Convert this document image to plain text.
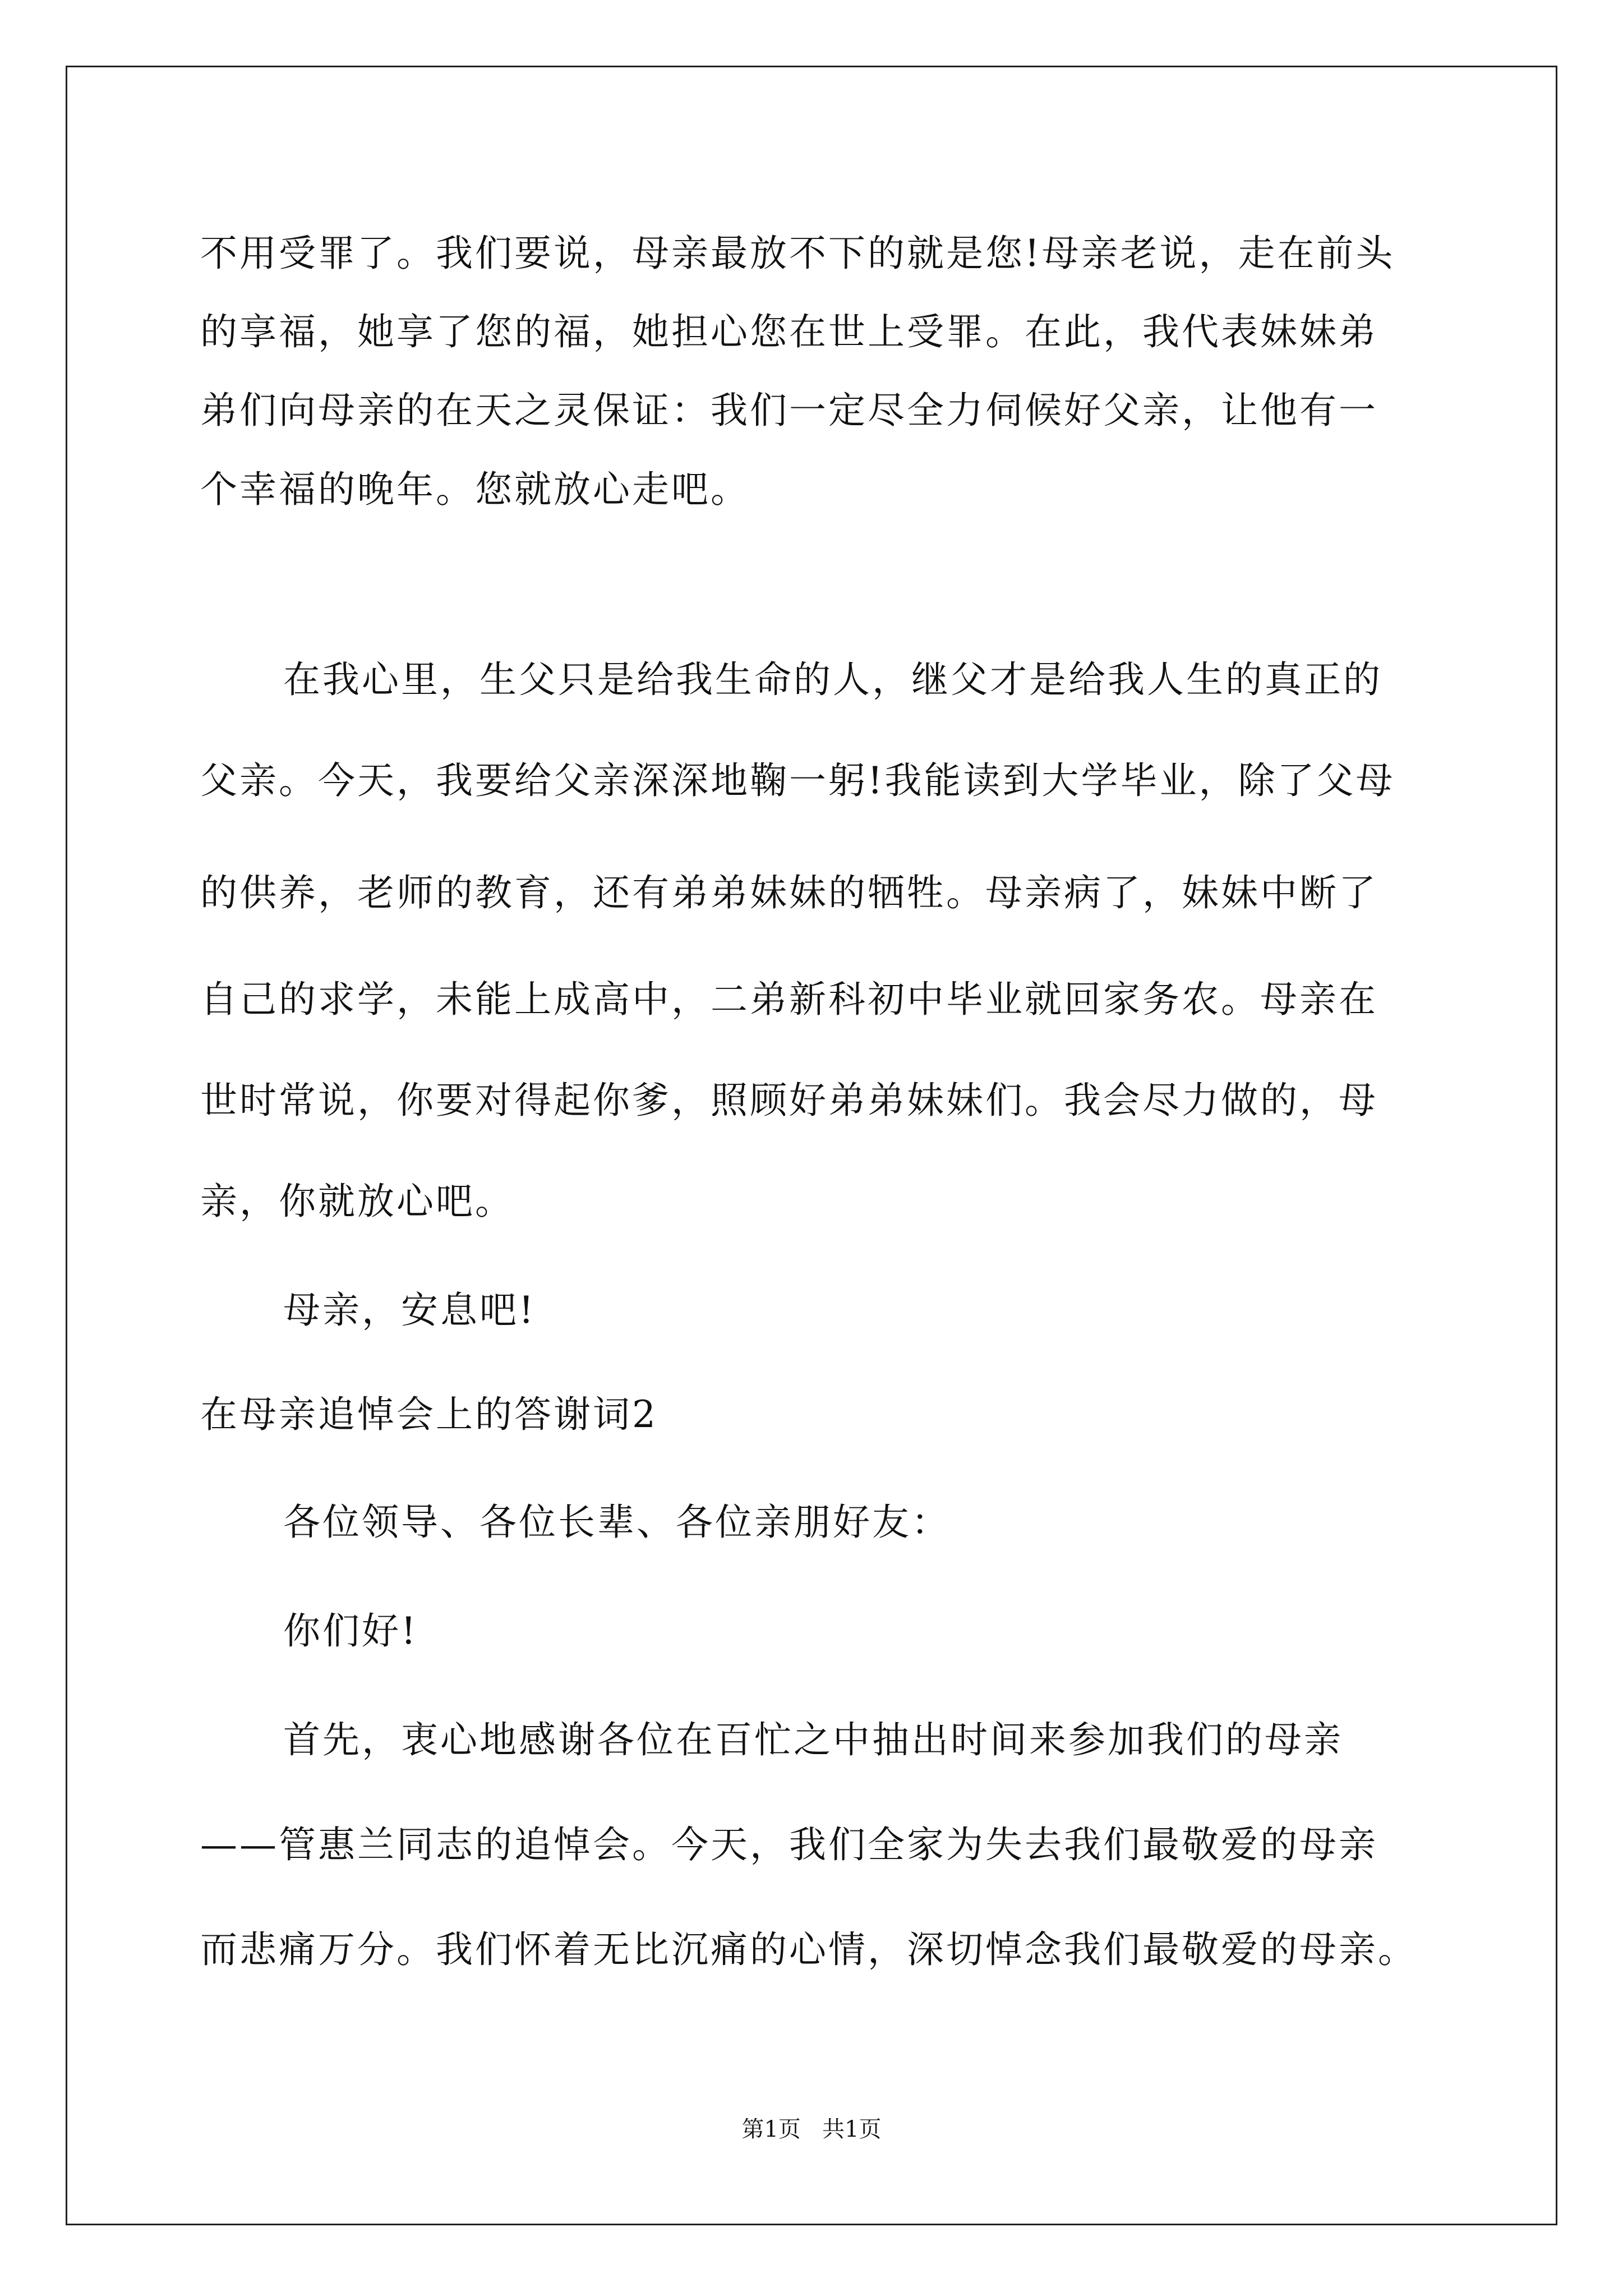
不用受罪了。我们要说，母亲最放不下的就是您!母亲老说，走在前头
的享福，她享了您的福，她担心您在世上受罪。在此，我代表妹妹弟
弟们向母亲的在天之灵保证：我们一定尽全力伺候好父亲，让他有一
个幸福的晚年。您就放心走吧。
在我心里，生父只是给我生命的人，继父才是给我人生的真正的
父亲。今天，我要给父亲深深地鞠一躬!我能读到大学毕业，除了父母
的供养，老师的教育，还有弟弟妹妹的牺牲。母亲病了，妹妹中断了
自己的求学，未能上成高中，二弟新科初中毕业就回家务农。母亲在
世时常说，你要对得起你爹，照顾好弟弟妹妹们。我会尽力做的，母
亲，你就放心吧。
母亲，安息吧!
在母亲追悼会上的答谢词2
各位领导、各位长辈、各位亲朋好友：
你们好!
首先，衷心地感谢各位在百忙之中抽出时间来参加我们的母亲
——管惠兰同志的追悼会。今天，我们全家为失去我们最敬爱的母亲
而悲痛万分。我们怀着无比沉痛的心情，深切悼念我们最敬爱的母亲。
第1页   共1页
